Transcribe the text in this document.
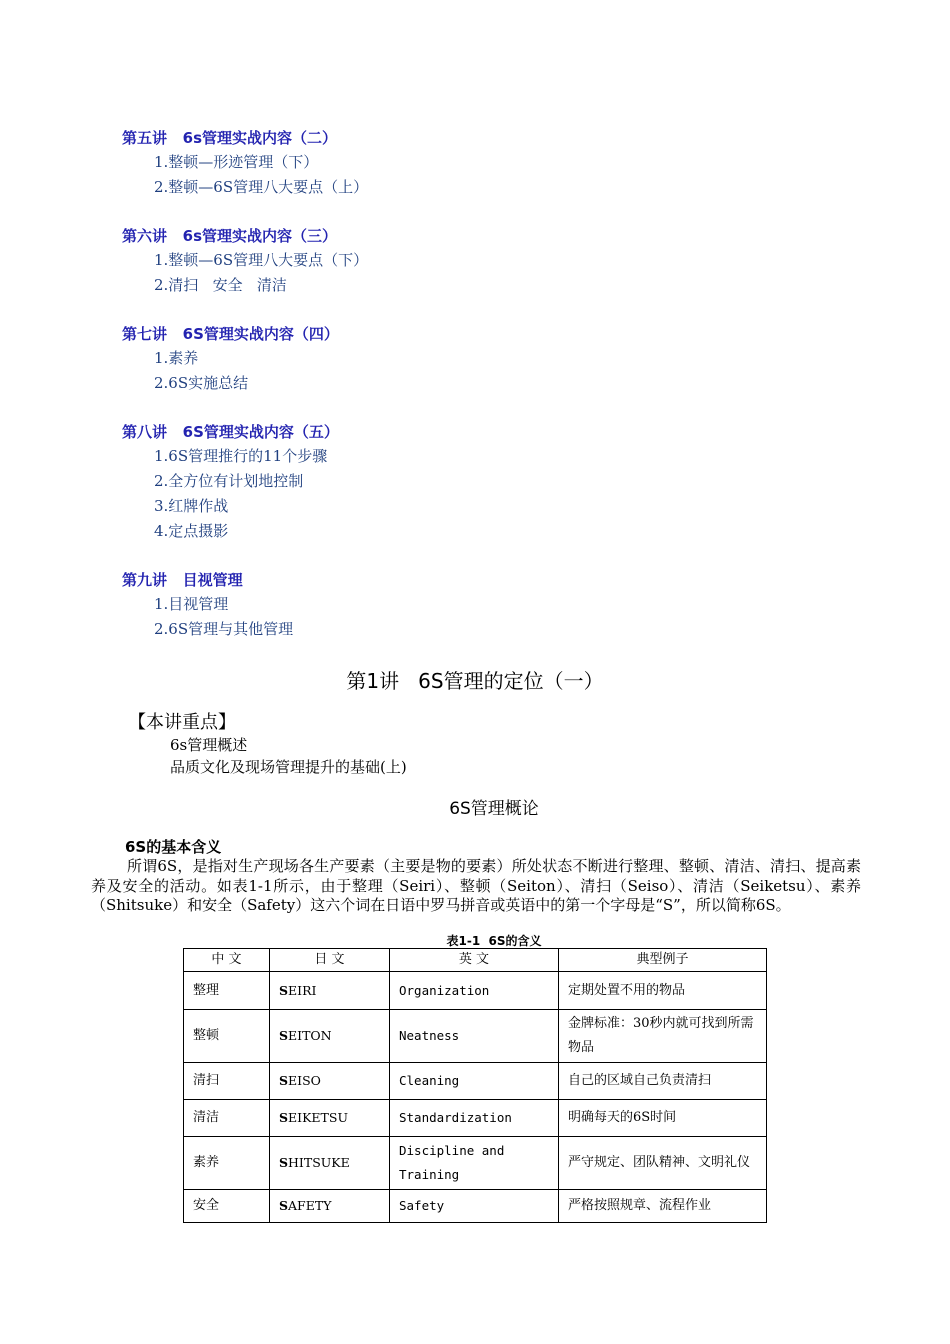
第五讲   6s管理实战内容（二）
1.整顿—形迹管理（下）
2.整顿—6S管理八大要点（上）
第六讲   6s管理实战内容（三）
1.整顿—6S管理八大要点（下）
2.清扫   安全   清洁
第七讲   6S管理实战内容（四）
1.素养
2.6S实施总结
第八讲   6S管理实战内容（五）
1.6S管理推行的11个步骤
2.全方位有计划地控制
3.红牌作战
4.定点摄影
第九讲   目视管理
1.目视管理
2.6S管理与其他管理
第1讲   6S管理的定位（一）
【本讲重点】
6s管理概述
品质文化及现场管理提升的基础(上)
6S管理概论
6S的基本含义
所谓6S，是指对生产现场各生产要素（主要是物的要素）所处状态不断进行整理、整顿、清洁、清扫、提高素养及安全的活动。如表1-1所示，由于整理（Seiri）、整顿（Seiton）、清扫（Seiso）、清洁（Seiketsu）、素养（Shitsuke）和安全（Safety）这六个词在日语中罗马拼音或英语中的第一个字母是“S”，所以简称6S。
表1-1  6S的含义
中 文	日 文	英 文	典型例子
整理	SEIRI	Organization	定期处置不用的物品
整顿	SEITON	Neatness	金牌标准：30秒内就可找到所需物品
清扫	SEISO	Cleaning	自己的区域自己负责清扫
清洁	SEIKETSU	Standardization	明确每天的6S时间
素养	SHITSUKE	Discipline and Training	严守规定、团队精神、文明礼仪
安全	SAFETY	Safety	严格按照规章、流程作业
